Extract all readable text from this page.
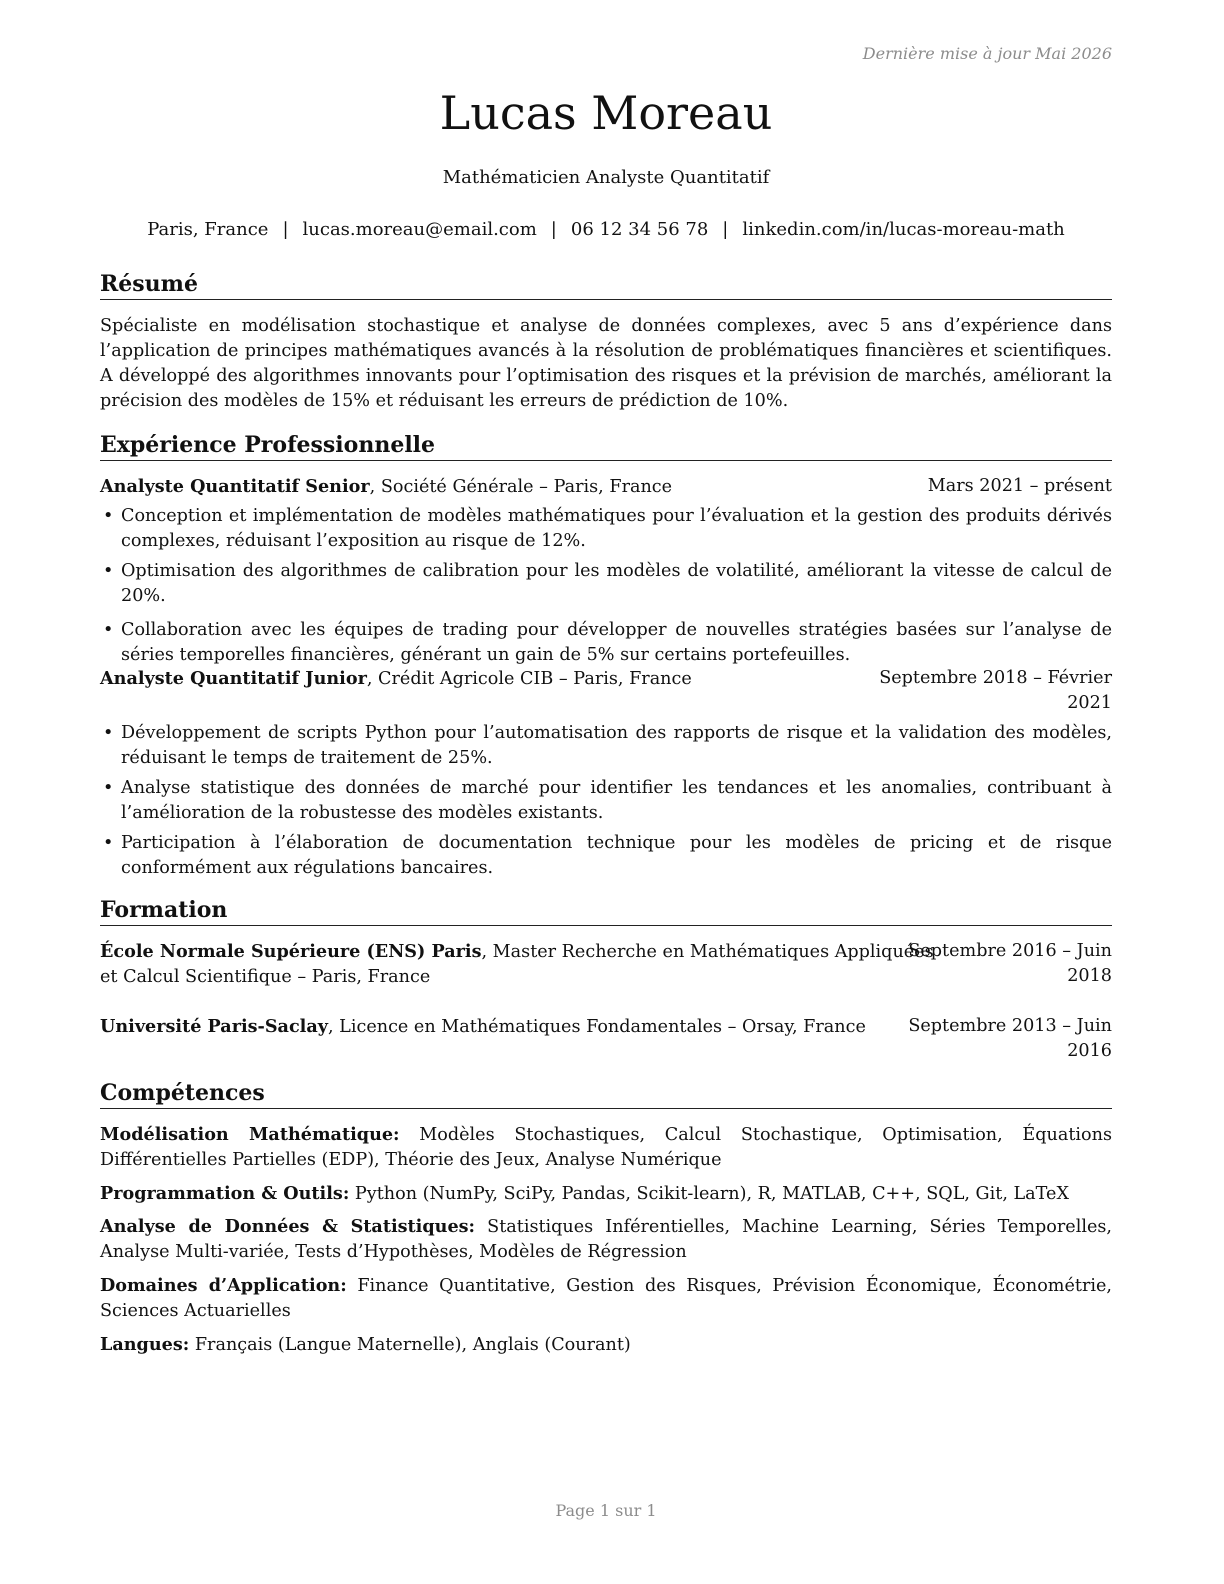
Dernière mise à jour Mai 2026
Lucas Moreau
Mathématicien Analyste Quantitatif
Paris, France | lucas.moreau@email.com | 06 12 34 56 78 | linkedin.com/in/lucas-moreau-math
Résumé
Spécialiste en modélisation stochastique et analyse de données complexes, avec 5 ans d’expérience dans l’application de principes mathématiques avancés à la résolution de problématiques financières et scientifiques. A développé des algorithmes innovants pour l’optimisation des risques et la prévision de marchés, améliorant la précision des modèles de 15% et réduisant les erreurs de prédiction de 10%.
Expérience Professionnelle
Analyste Quantitatif Senior, Société Générale – Paris, France	Mars 2021 – présent
• Conception et implémentation de modèles mathématiques pour l’évaluation et la gestion des produits dérivés complexes, réduisant l’exposition au risque de 12%.
• Optimisation des algorithmes de calibration pour les modèles de volatilité, améliorant la vitesse de calcul de 20%.
• Collaboration avec les équipes de trading pour développer de nouvelles stratégies basées sur l’analyse de séries temporelles financières, générant un gain de 5% sur certains portefeuilles.
Analyste Quantitatif Junior, Crédit Agricole CIB – Paris, France	Septembre 2018 – Février
2021
• Développement de scripts Python pour l’automatisation des rapports de risque et la validation des modèles, réduisant le temps de traitement de 25%.
• Analyse statistique des données de marché pour identifier les tendances et les anomalies, contribuant à l’amélioration de la robustesse des modèles existants.
• Participation à l’élaboration de documentation technique pour les modèles de pricing et de risque conformément aux régulations bancaires.
Formation
École Normale Supérieure (ENS) Paris, Master Recherche en Mathématiques Appliquées
et Calcul Scientifique – Paris, France
Septembre 2016 – Juin
2018
Université Paris-Saclay, Licence en Mathématiques Fondamentales – Orsay, France Septembre 2013 – Juin
2016
Compétences
Modélisation Mathématique: Modèles Stochastiques, Calcul Stochastique, Optimisation, Équations Différentielles Partielles (EDP), Théorie des Jeux, Analyse Numérique
Programmation & Outils: Python (NumPy, SciPy, Pandas, Scikit-learn), R, MATLAB, C++, SQL, Git, LaTeX
Analyse de Données & Statistiques: Statistiques Inférentielles, Machine Learning, Séries Temporelles, Analyse Multi-variée, Tests d’Hypothèses, Modèles de Régression
Domaines d’Application: Finance Quantitative, Gestion des Risques, Prévision Économique, Économétrie, Sciences Actuarielles
Langues: Français (Langue Maternelle), Anglais (Courant)
Page 1 sur 1
